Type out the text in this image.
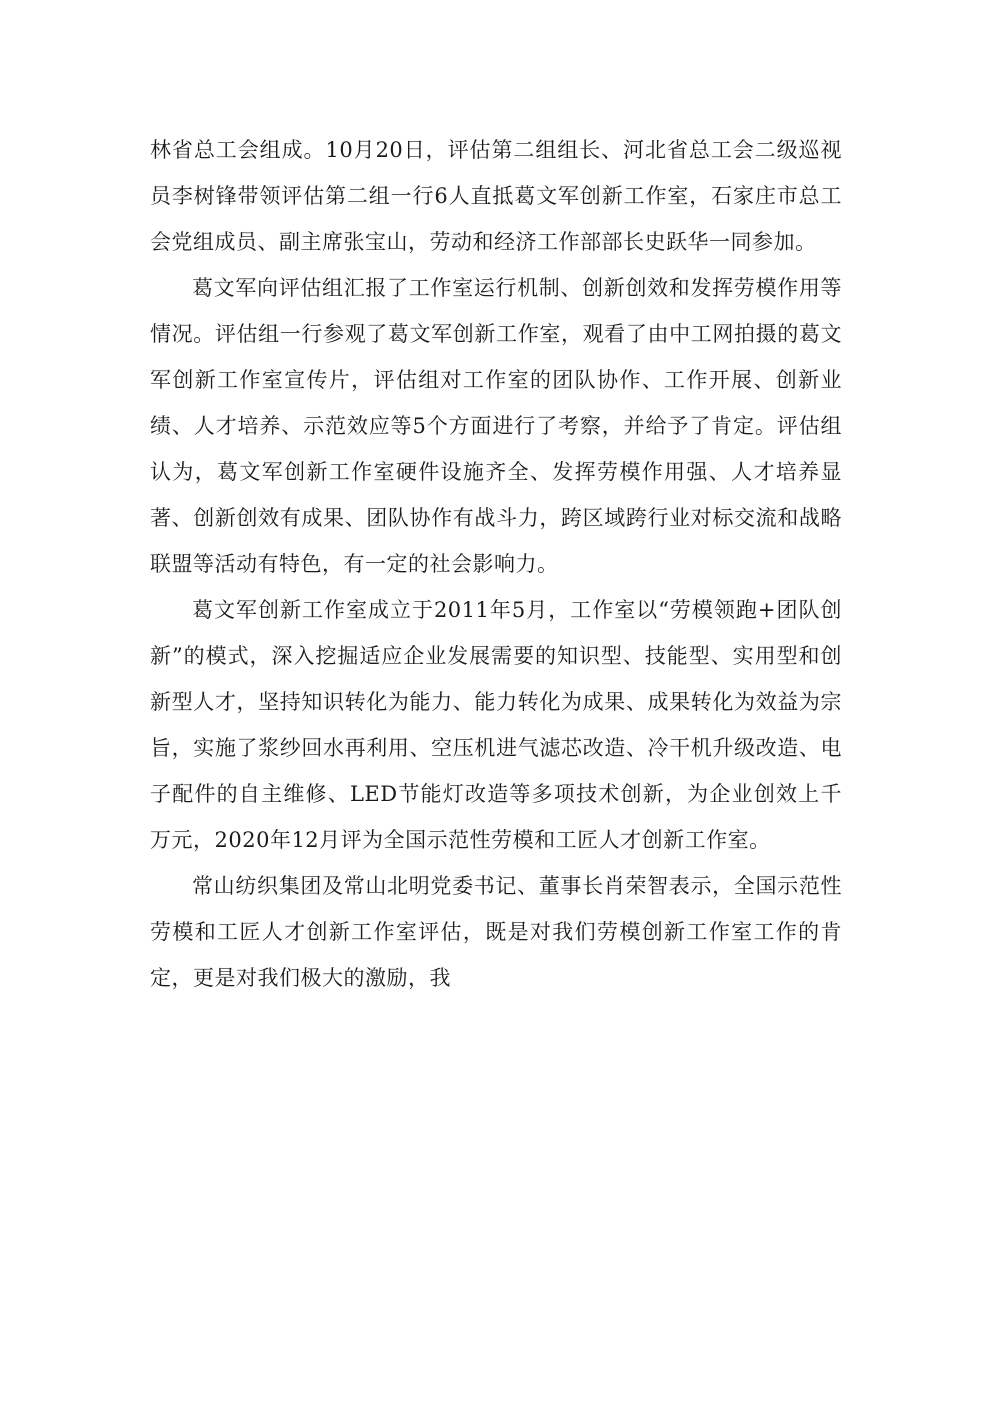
林省总工会组成。10月20日，评估第二组组长、河北省总工会二级巡视员李树锋带领评估第二组一行6人直抵葛文军创新工作室，石家庄市总工会党组成员、副主席张宝山，劳动和经济工作部部长史跃华一同参加。

葛文军向评估组汇报了工作室运行机制、创新创效和发挥劳模作用等情况。评估组一行参观了葛文军创新工作室，观看了由中工网拍摄的葛文军创新工作室宣传片，评估组对工作室的团队协作、工作开展、创新业绩、人才培养、示范效应等5个方面进行了考察，并给予了肯定。评估组认为，葛文军创新工作室硬件设施齐全、发挥劳模作用强、人才培养显著、创新创效有成果、团队协作有战斗力，跨区域跨行业对标交流和战略联盟等活动有特色，有一定的社会影响力。

葛文军创新工作室成立于2011年5月，工作室以“劳模领跑+团队创新”的模式，深入挖掘适应企业发展需要的知识型、技能型、实用型和创新型人才，坚持知识转化为能力、能力转化为成果、成果转化为效益为宗旨，实施了浆纱回水再利用、空压机进气滤芯改造、冷干机升级改造、电子配件的自主维修、LED节能灯改造等多项技术创新，为企业创效上千万元，2020年12月评为全国示范性劳模和工匠人才创新工作室。

常山纺织集团及常山北明党委书记、董事长肖荣智表示，全国示范性劳模和工匠人才创新工作室评估，既是对我们劳模创新工作室工作的肯定，更是对我们极大的激励，我
